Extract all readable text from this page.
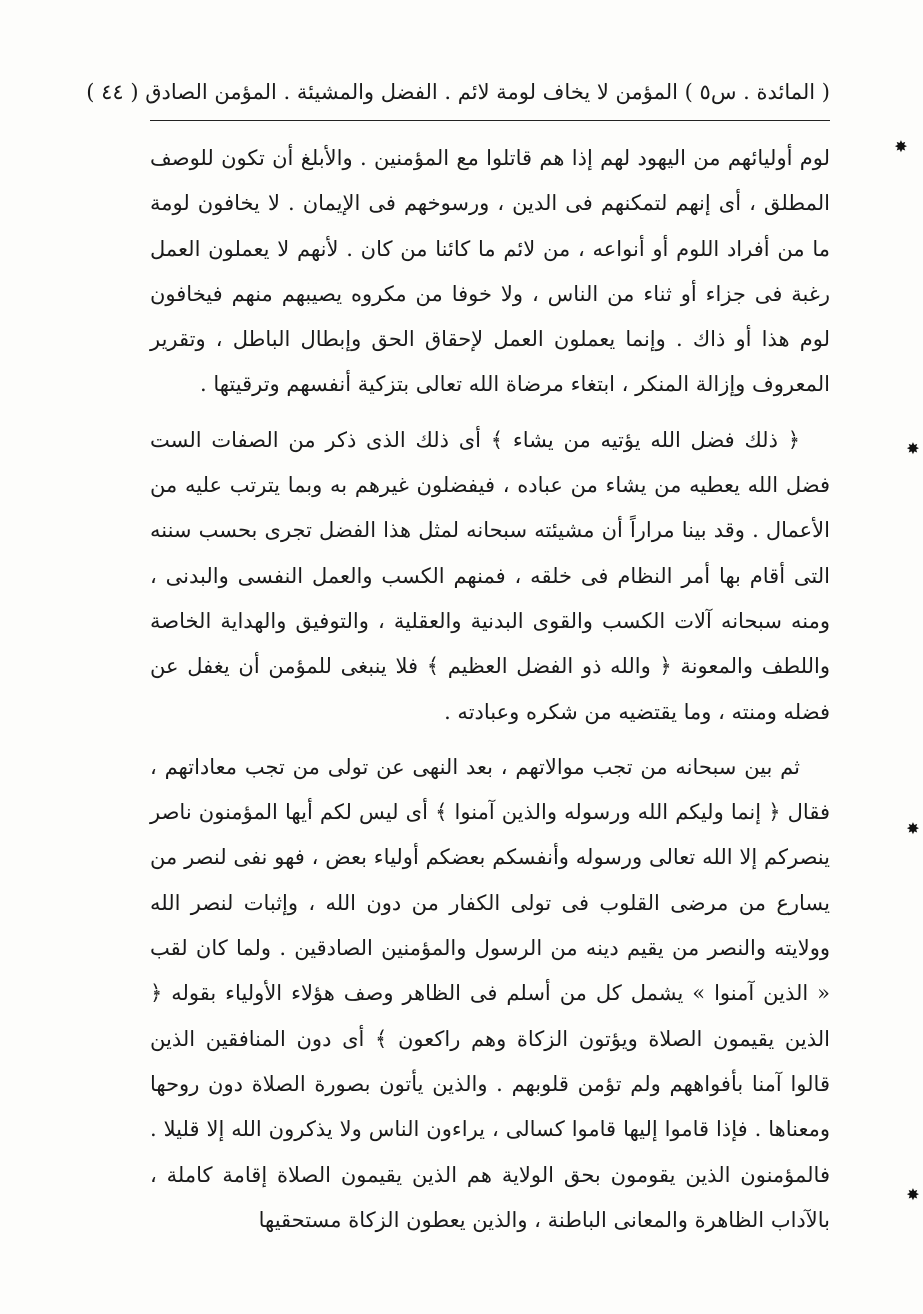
( المائدة . س٥ ) المؤمن لا يخاف لومة لائم . الفضل والمشيئة . المؤمن الصادق ( ٤٤ )

لوم أوليائهم من اليهود لهم إذا هم قاتلوا مع المؤمنين . والأبلغ أن تكون للوصف المطلق ، أى إنهم لتمكنهم فى الدين ، ورسوخهم فى الإيمان . لا يخافون لومة ما من أفراد اللوم أو أنواعه ، من لائم ما كائنا من كان . لأنهم لا يعملون العمل رغبة فى جزاء أو ثناء من الناس ، ولا خوفا من مكروه يصيبهم منهم فيخافون لوم هذا أو ذاك . وإنما يعملون العمل لإحقاق الحق وإبطال الباطل ، وتقرير المعروف وإزالة المنكر ، ابتغاء مرضاة الله تعالى بتزكية أنفسهم وترقيتها .

﴿ ذلك فضل الله يؤتيه من يشاء ﴾ أى ذلك الذى ذكر من الصفات الست فضل الله يعطيه من يشاء من عباده ، فيفضلون غيرهم به وبما يترتب عليه من الأعمال . وقد بينا مراراً أن مشيئته سبحانه لمثل هذا الفضل تجرى بحسب سننه التى أقام بها أمر النظام فى خلقه ، فمنهم الكسب والعمل النفسى والبدنى ، ومنه سبحانه آلات الكسب والقوى البدنية والعقلية ، والتوفيق والهداية الخاصة واللطف والمعونة ﴿ والله ذو الفضل العظيم ﴾ فلا ينبغى للمؤمن أن يغفل عن فضله ومنته ، وما يقتضيه من شكره وعبادته .

ثم بين سبحانه من تجب موالاتهم ، بعد النهى عن تولى من تجب معاداتهم ، فقال ﴿ إنما وليكم الله ورسوله والذين آمنوا ﴾ أى ليس لكم أيها المؤمنون ناصر ينصركم إلا الله تعالى ورسوله وأنفسكم بعضكم أولياء بعض ، فهو نفى لنصر من يسارع من مرضى القلوب فى تولى الكفار من دون الله ، وإثبات لنصر الله وولايته والنصر من يقيم دينه من الرسول والمؤمنين الصادقين . ولما كان لقب « الذين آمنوا » يشمل كل من أسلم فى الظاهر وصف هؤلاء الأولياء بقوله ﴿ الذين يقيمون الصلاة ويؤتون الزكاة وهم راكعون ﴾ أى دون المنافقين الذين قالوا آمنا بأفواههم ولم تؤمن قلوبهم . والذين يأتون بصورة الصلاة دون روحها ومعناها . فإذا قاموا إليها قاموا كسالى ، يراءون الناس ولا يذكرون الله إلا قليلا . فالمؤمنون الذين يقومون بحق الولاية هم الذين يقيمون الصلاة إقامة كاملة ، بالآداب الظاهرة والمعانى الباطنة ، والذين يعطون الزكاة مستحقيها

✸
✸
✸
✸
